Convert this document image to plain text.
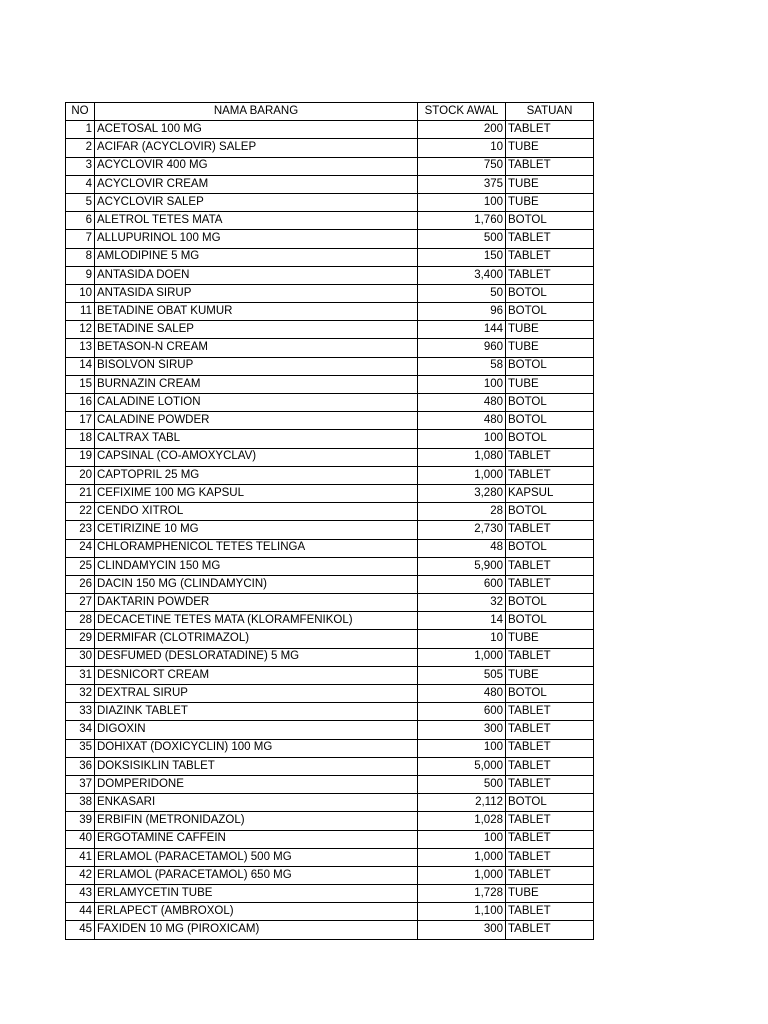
NO	NAMA BARANG	STOCK AWAL	SATUAN
1	ACETOSAL 100 MG	200	TABLET
2	ACIFAR (ACYCLOVIR) SALEP	10	TUBE
3	ACYCLOVIR 400 MG	750	TABLET
4	ACYCLOVIR CREAM	375	TUBE
5	ACYCLOVIR SALEP	100	TUBE
6	ALETROL TETES MATA	1,760	BOTOL
7	ALLUPURINOL 100 MG	500	TABLET
8	AMLODIPINE 5 MG	150	TABLET
9	ANTASIDA DOEN	3,400	TABLET
10	ANTASIDA SIRUP	50	BOTOL
11	BETADINE OBAT KUMUR	96	BOTOL
12	BETADINE SALEP	144	TUBE
13	BETASON-N CREAM	960	TUBE
14	BISOLVON SIRUP	58	BOTOL
15	BURNAZIN CREAM	100	TUBE
16	CALADINE LOTION	480	BOTOL
17	CALADINE POWDER	480	BOTOL
18	CALTRAX TABL	100	BOTOL
19	CAPSINAL (CO-AMOXYCLAV)	1,080	TABLET
20	CAPTOPRIL 25 MG	1,000	TABLET
21	CEFIXIME 100 MG KAPSUL	3,280	KAPSUL
22	CENDO XITROL	28	BOTOL
23	CETIRIZINE 10 MG	2,730	TABLET
24	CHLORAMPHENICOL TETES TELINGA	48	BOTOL
25	CLINDAMYCIN 150 MG	5,900	TABLET
26	DACIN 150 MG (CLINDAMYCIN)	600	TABLET
27	DAKTARIN POWDER	32	BOTOL
28	DECACETINE TETES MATA (KLORAMFENIKOL)	14	BOTOL
29	DERMIFAR (CLOTRIMAZOL)	10	TUBE
30	DESFUMED (DESLORATADINE) 5 MG	1,000	TABLET
31	DESNICORT CREAM	505	TUBE
32	DEXTRAL SIRUP	480	BOTOL
33	DIAZINK TABLET	600	TABLET
34	DIGOXIN	300	TABLET
35	DOHIXAT (DOXICYCLIN) 100 MG	100	TABLET
36	DOKSISIKLIN TABLET	5,000	TABLET
37	DOMPERIDONE	500	TABLET
38	ENKASARI	2,112	BOTOL
39	ERBIFIN (METRONIDAZOL)	1,028	TABLET
40	ERGOTAMINE CAFFEIN	100	TABLET
41	ERLAMOL (PARACETAMOL) 500 MG	1,000	TABLET
42	ERLAMOL (PARACETAMOL) 650 MG	1,000	TABLET
43	ERLAMYCETIN TUBE	1,728	TUBE
44	ERLAPECT (AMBROXOL)	1,100	TABLET
45	FAXIDEN 10 MG (PIROXICAM)	300	TABLET
